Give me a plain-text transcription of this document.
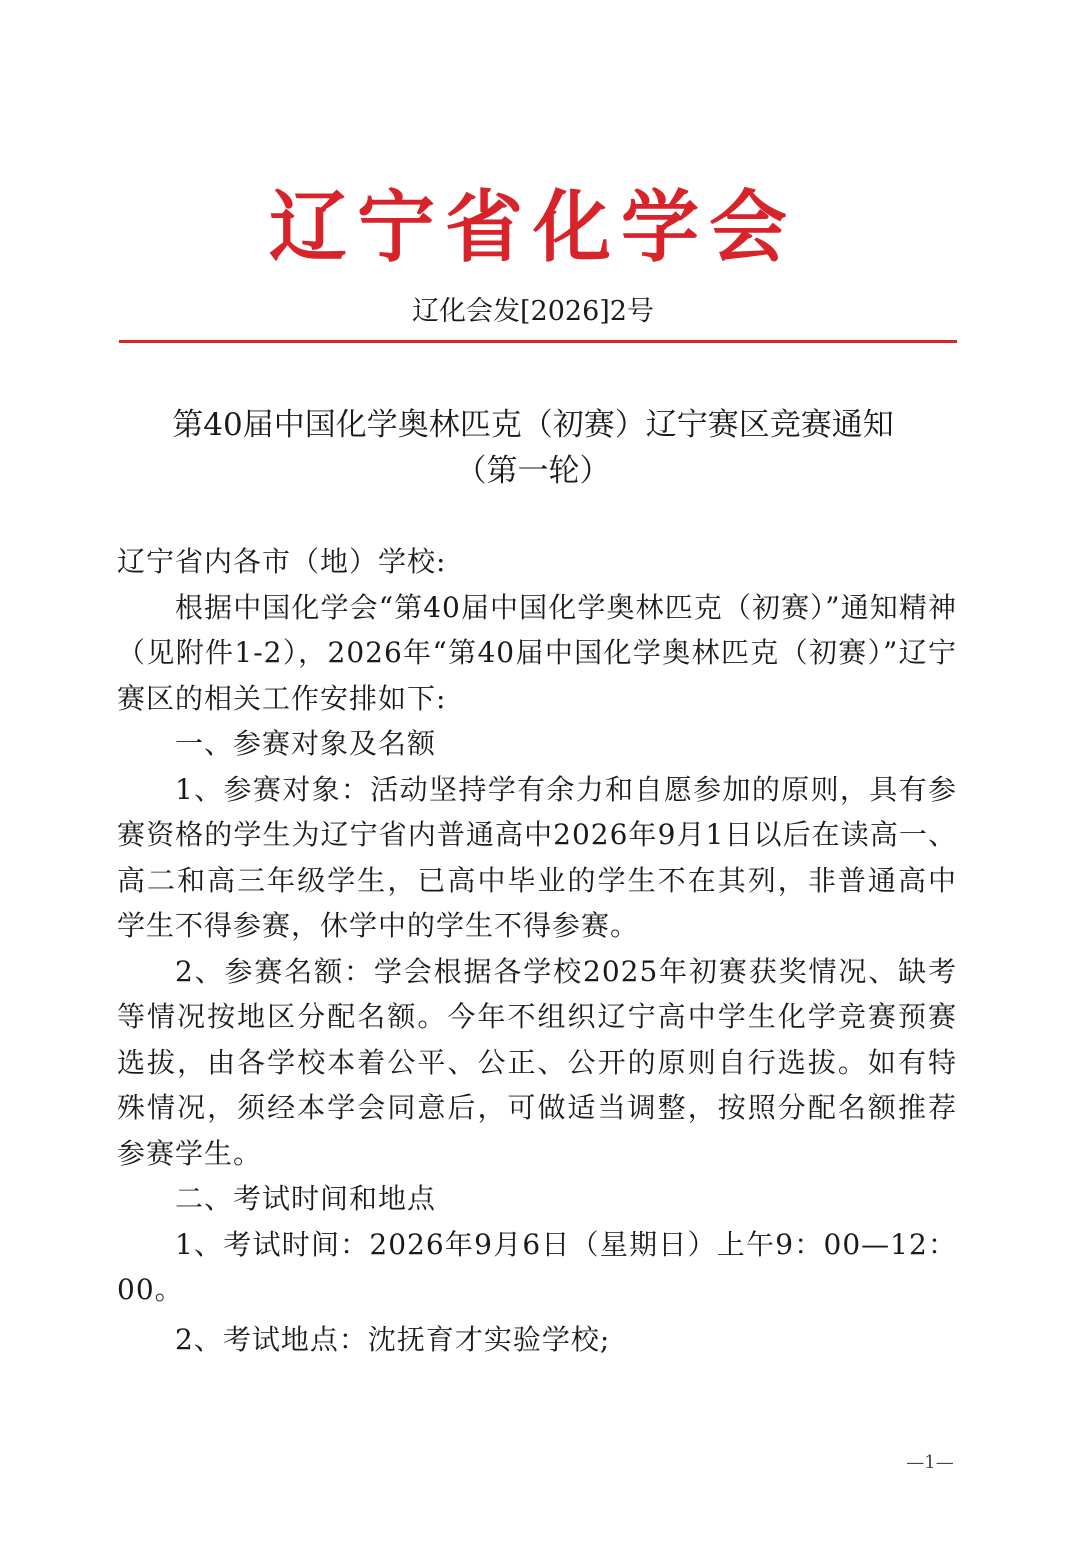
辽宁省化学会
辽化会发[2026]2号

第40届中国化学奥林匹克（初赛）辽宁赛区竞赛通知

（第一轮）

辽宁省内各市（地）学校:

根据中国化学会“第40届中国化学奥林匹克（初赛）”通知精神（见附件1-2），2026年“第40届中国化学奥林匹克（初赛）”辽宁赛区的相关工作安排如下:

一、参赛对象及名额

1、参赛对象：活动坚持学有余力和自愿参加的原则，具有参赛资格的学生为辽宁省内普通高中2026年9月1日以后在读高一、高二和高三年级学生，已高中毕业的学生不在其列，非普通高中学生不得参赛，休学中的学生不得参赛。

2、参赛名额：学会根据各学校2025年初赛获奖情况、缺考等情况按地区分配名额。今年不组织辽宁高中学生化学竞赛预赛选拔，由各学校本着公平、公正、公开的原则自行选拔。如有特殊情况，须经本学会同意后，可做适当调整，按照分配名额推荐参赛学生。

二、考试时间和地点

1、考试时间：2026年9月6日（星期日）上午9：00—12：00。

2、考试地点：沈抚育才实验学校;

—1—
